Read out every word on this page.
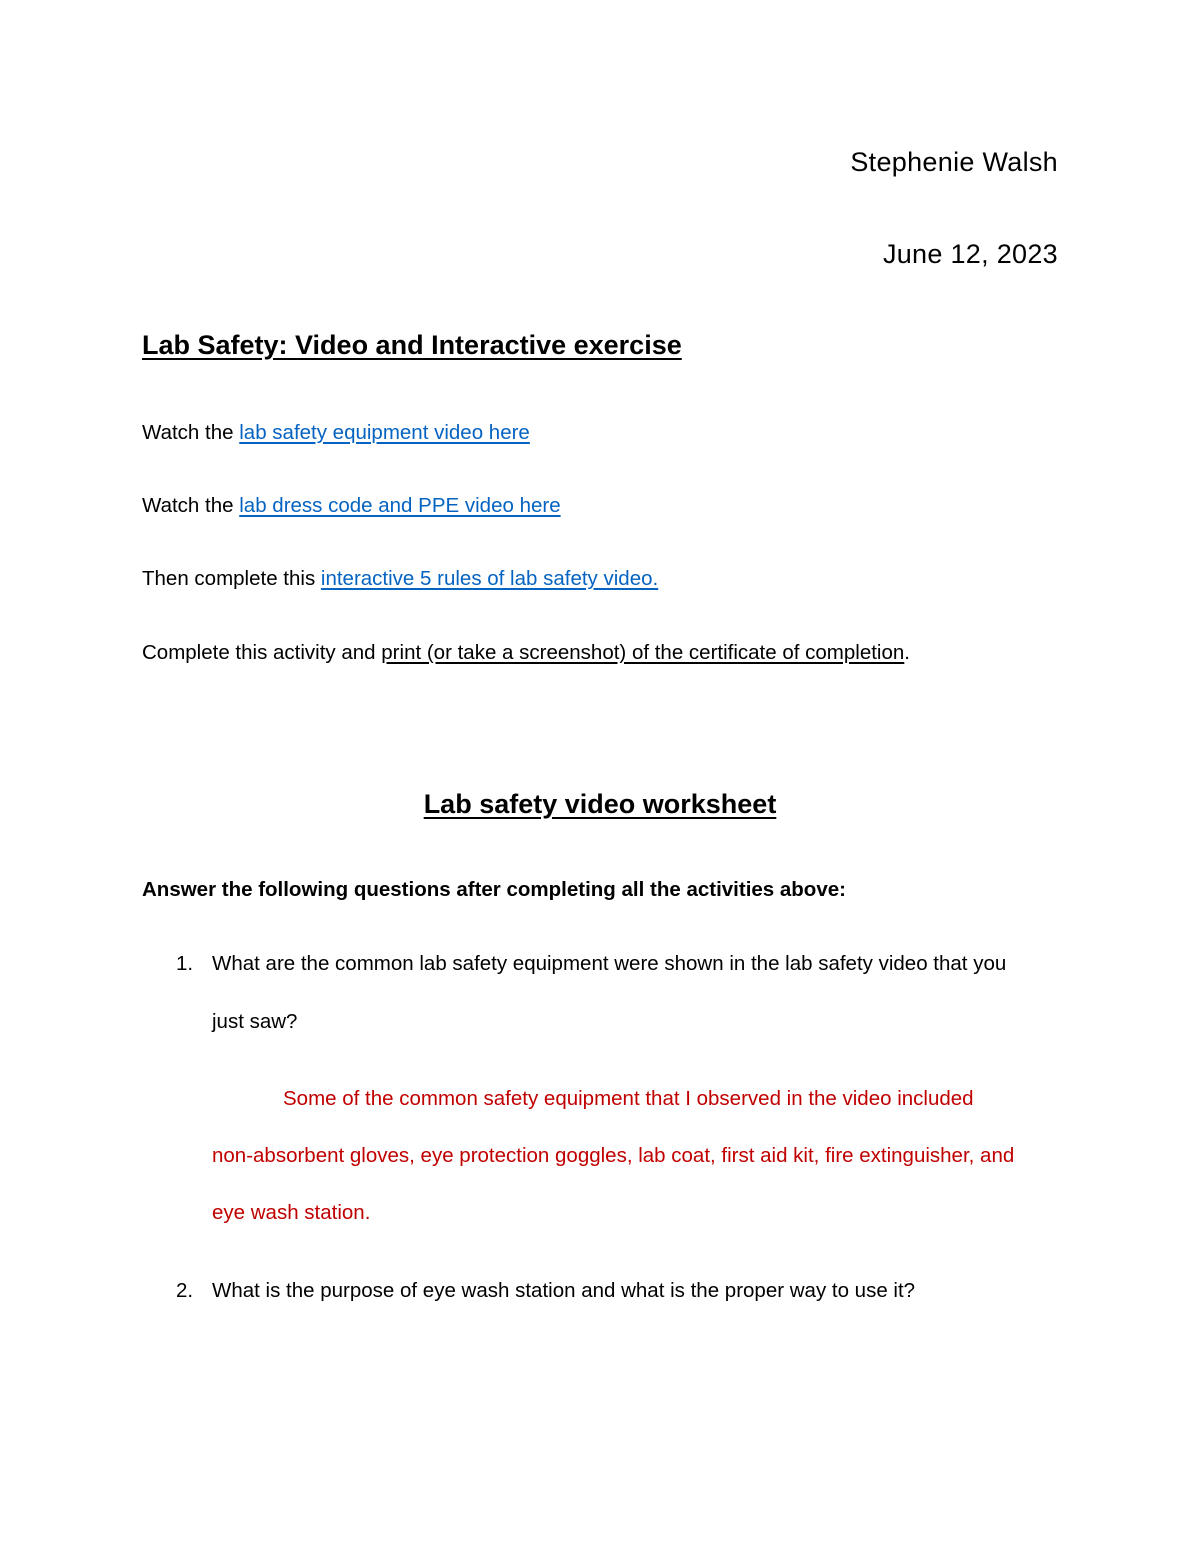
Stephenie Walsh
June 12, 2023
Lab Safety: Video and Interactive exercise
Watch the lab safety equipment video here
Watch the lab dress code and PPE video here
Then complete this interactive 5 rules of lab safety video.
Complete this activity and print (or take a screenshot) of the certificate of completion.
Lab safety video worksheet
Answer the following questions after completing all the activities above:
1. What are the common lab safety equipment were shown in the lab safety video that you
just saw?
Some of the common safety equipment that I observed in the video included
non-absorbent gloves, eye protection goggles, lab coat, first aid kit, fire extinguisher, and
eye wash station.
2. What is the purpose of eye wash station and what is the proper way to use it?
